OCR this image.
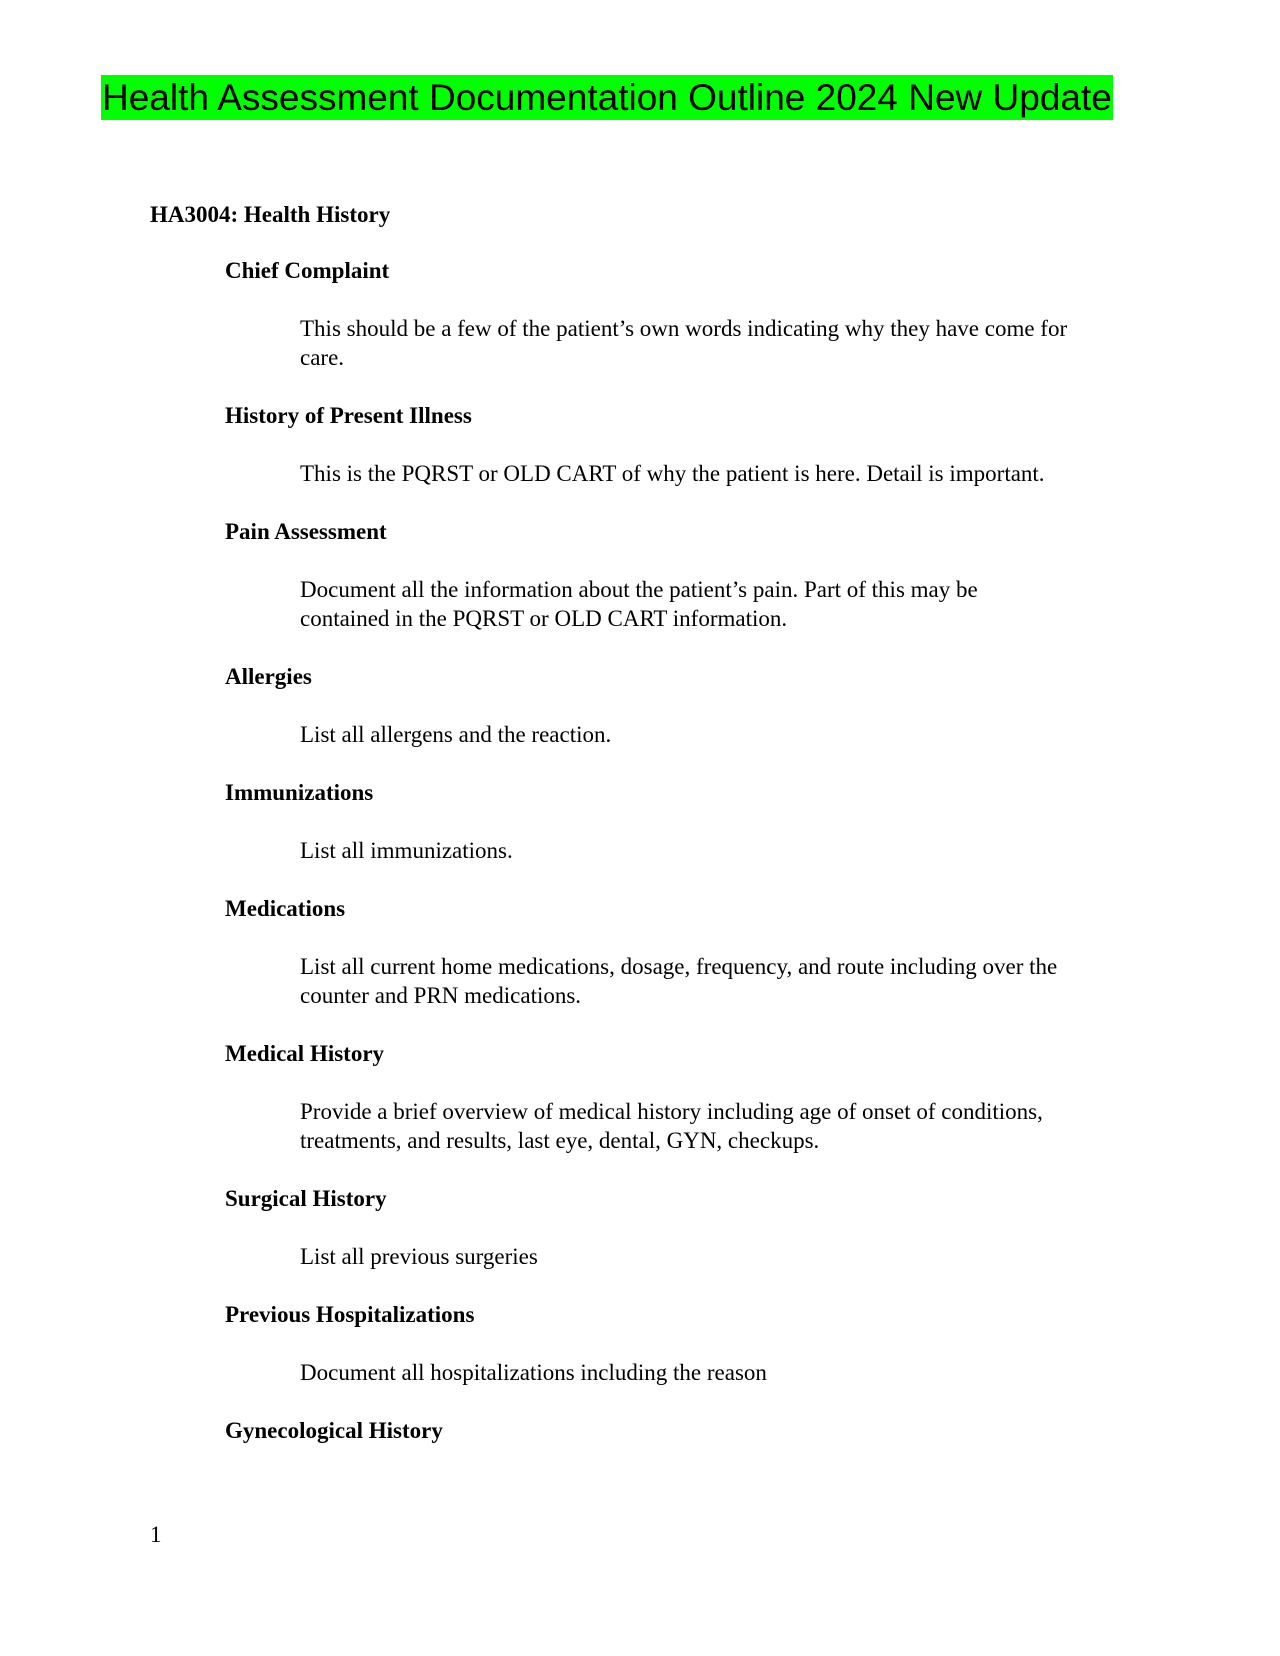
Health Assessment Documentation Outline 2024 New Update
HA3004: Health History

Chief Complaint

This should be a few of the patient’s own words indicating why they have come for care.

History of Present Illness

This is the PQRST or OLD CART of why the patient is here. Detail is important.

Pain Assessment

Document all the information about the patient’s pain. Part of this may be contained in the PQRST or OLD CART information.

Allergies

List all allergens and the reaction.

Immunizations

List all immunizations.

Medications

List all current home medications, dosage, frequency, and route including over the counter and PRN medications.

Medical History

Provide a brief overview of medical history including age of onset of conditions, treatments, and results, last eye, dental, GYN, checkups.

Surgical History

List all previous surgeries

Previous Hospitalizations

Document all hospitalizations including the reason

Gynecological History

1
